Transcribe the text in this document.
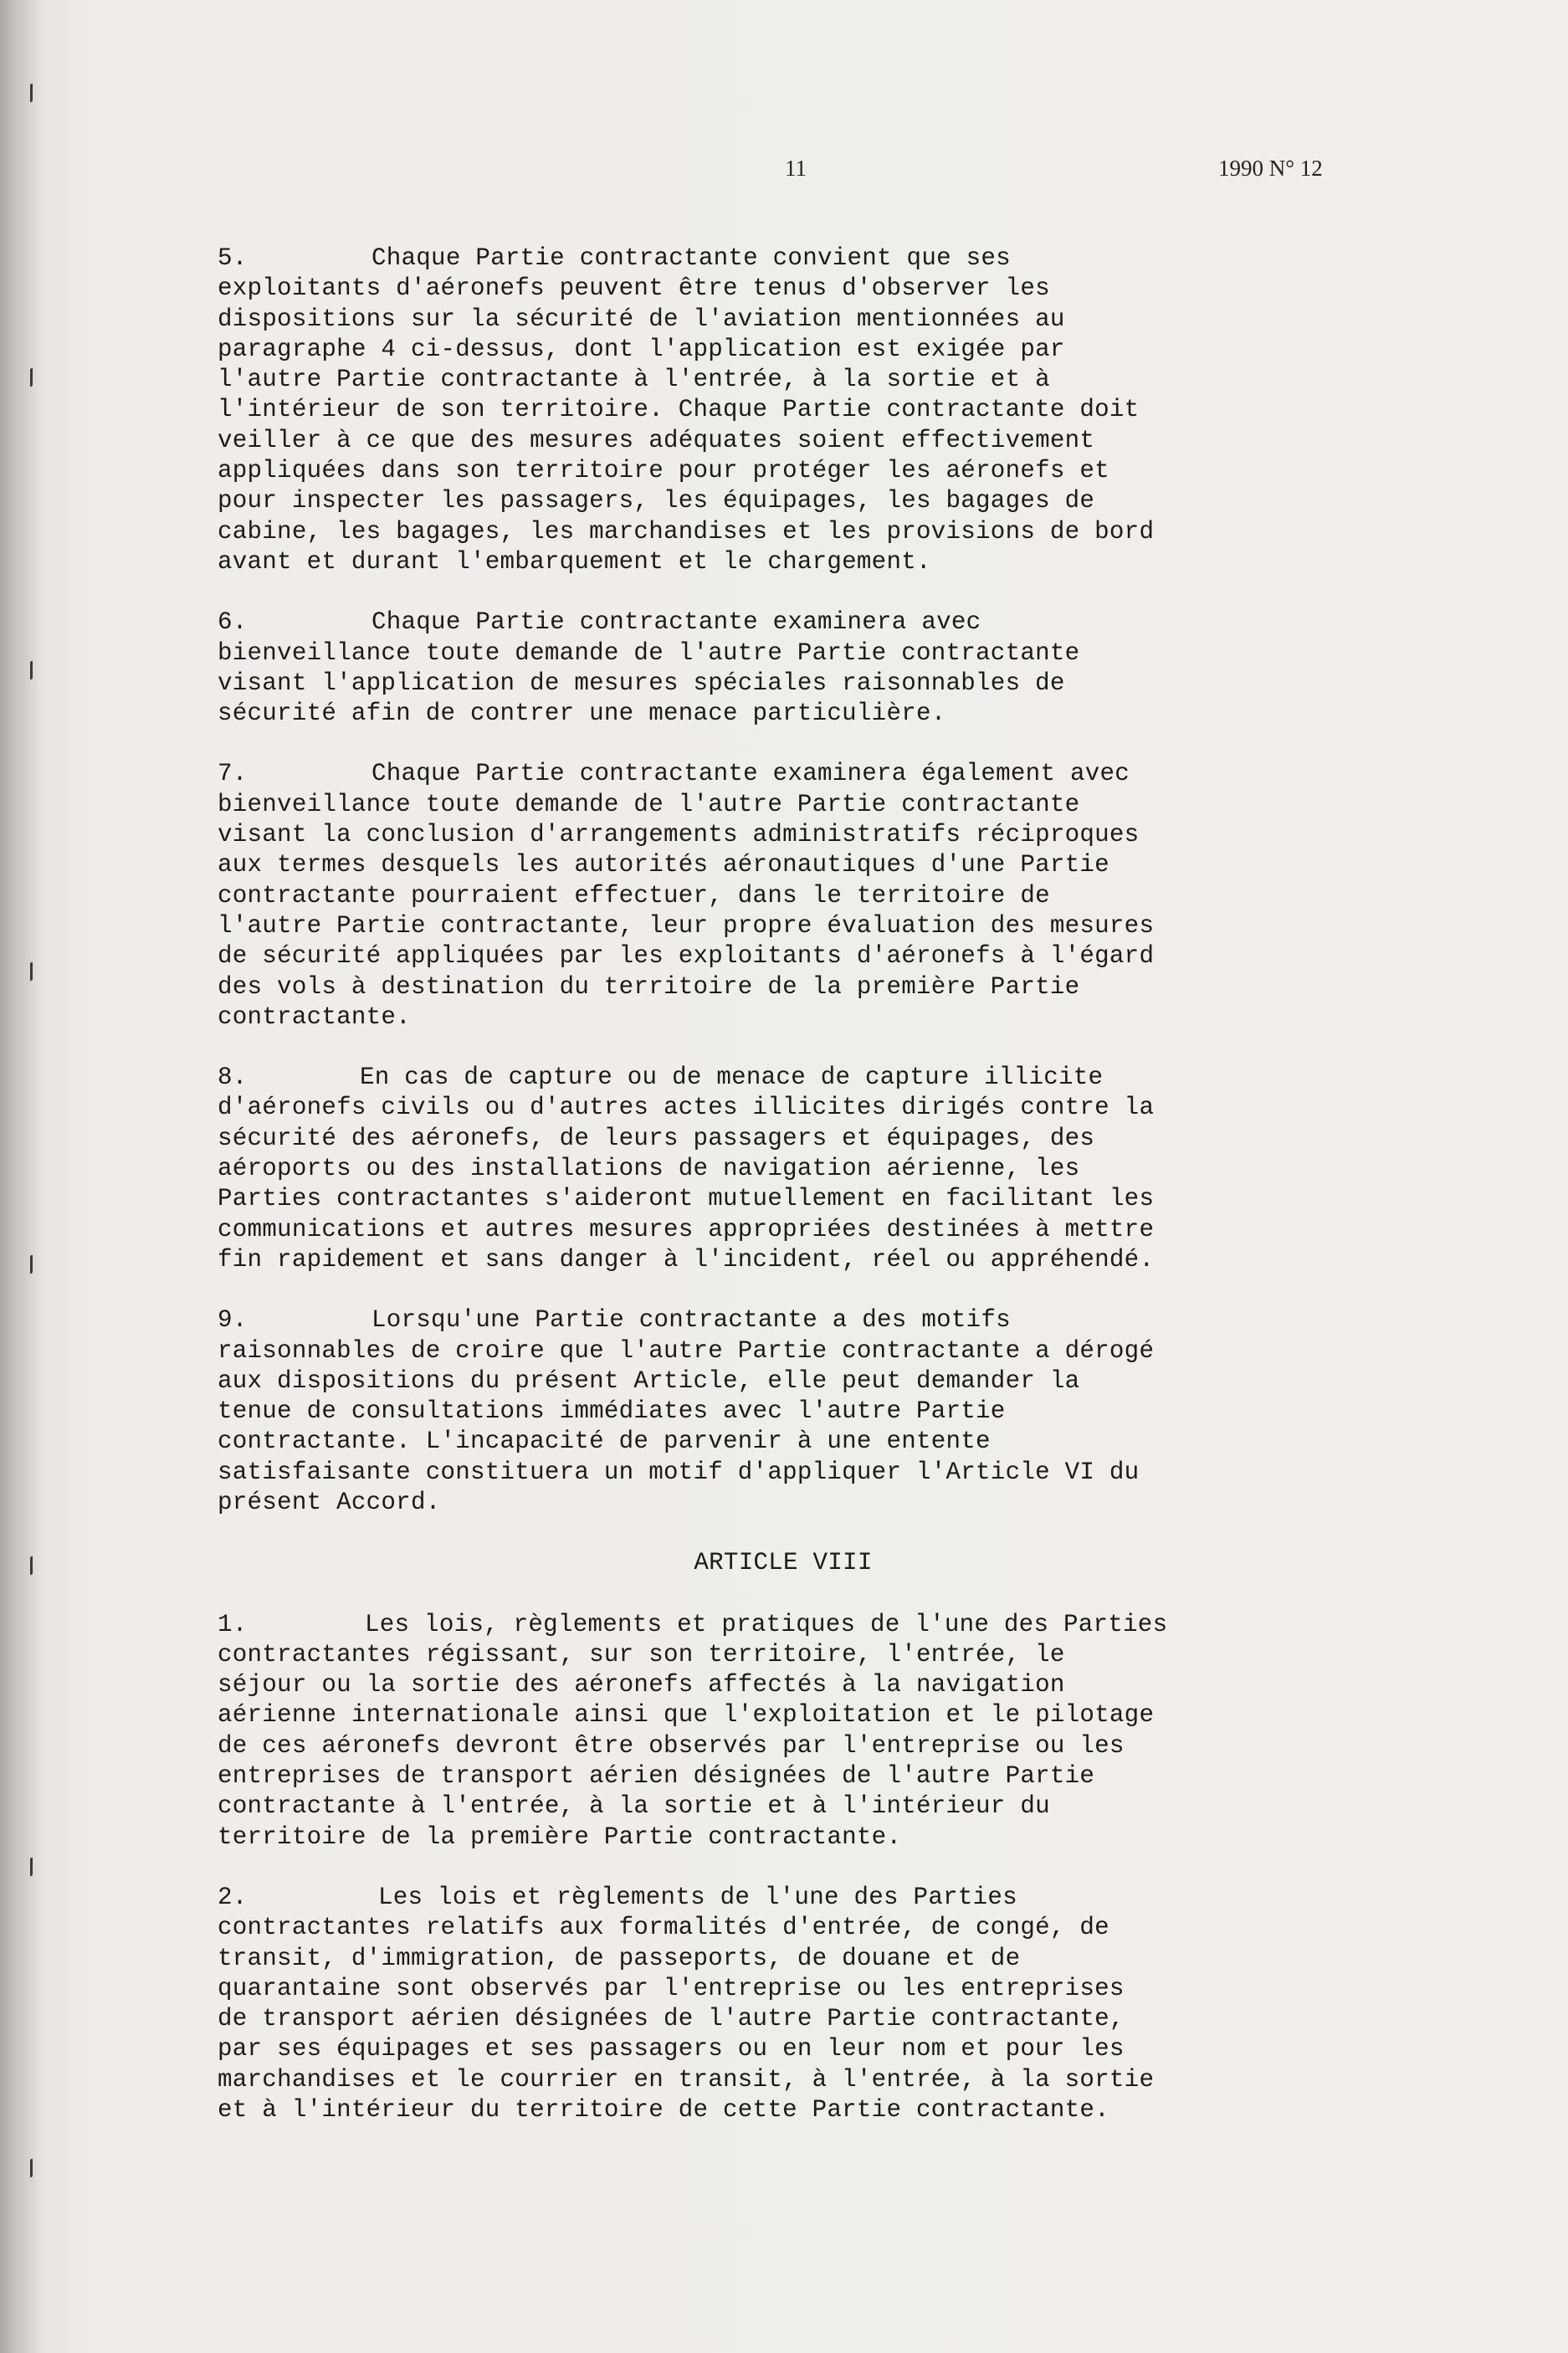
11	1990 N° 12
5.	Chaque Partie contractante convient que ses
exploitants d'aéronefs peuvent être tenus d'observer les
dispositions sur la sécurité de l'aviation mentionnées au
paragraphe 4 ci-dessus, dont l'application est exigée par
l'autre Partie contractante à l'entrée, à la sortie et à
l'intérieur de son territoire. Chaque Partie contractante doit
veiller à ce que des mesures adéquates soient effectivement
appliquées dans son territoire pour protéger les aéronefs et
pour inspecter les passagers, les équipages, les bagages de
cabine, les bagages, les marchandises et les provisions de bord
avant et durant l'embarquement et le chargement.
6.	Chaque Partie contractante examinera avec
bienveillance toute demande de l'autre Partie contractante
visant l'application de mesures spéciales raisonnables de
sécurité afin de contrer une menace particulière.
7.	Chaque Partie contractante examinera également avec
bienveillance toute demande de l'autre Partie contractante
visant la conclusion d'arrangements administratifs réciproques
aux termes desquels les autorités aéronautiques d'une Partie
contractante pourraient effectuer, dans le territoire de
l'autre Partie contractante, leur propre évaluation des mesures
de sécurité appliquées par les exploitants d'aéronefs à l'égard
des vols à destination du territoire de la première Partie
contractante.
8.	En cas de capture ou de menace de capture illicite
d'aéronefs civils ou d'autres actes illicites dirigés contre la
sécurité des aéronefs, de leurs passagers et équipages, des
aéroports ou des installations de navigation aérienne, les
Parties contractantes s'aideront mutuellement en facilitant les
communications et autres mesures appropriées destinées à mettre
fin rapidement et sans danger à l'incident, réel ou appréhendé.
9.	Lorsqu'une Partie contractante a des motifs
raisonnables de croire que l'autre Partie contractante a dérogé
aux dispositions du présent Article, elle peut demander la
tenue de consultations immédiates avec l'autre Partie
contractante. L'incapacité de parvenir à une entente
satisfaisante constituera un motif d'appliquer l'Article VI du
présent Accord.
ARTICLE VIII
1.	Les lois, règlements et pratiques de l'une des Parties
contractantes régissant, sur son territoire, l'entrée, le
séjour ou la sortie des aéronefs affectés à la navigation
aérienne internationale ainsi que l'exploitation et le pilotage
de ces aéronefs devront être observés par l'entreprise ou les
entreprises de transport aérien désignées de l'autre Partie
contractante à l'entrée, à la sortie et à l'intérieur du
territoire de la première Partie contractante.
2.	Les lois et règlements de l'une des Parties
contractantes relatifs aux formalités d'entrée, de congé, de
transit, d'immigration, de passeports, de douane et de
quarantaine sont observés par l'entreprise ou les entreprises
de transport aérien désignées de l'autre Partie contractante,
par ses équipages et ses passagers ou en leur nom et pour les
marchandises et le courrier en transit, à l'entrée, à la sortie
et à l'intérieur du territoire de cette Partie contractante.
